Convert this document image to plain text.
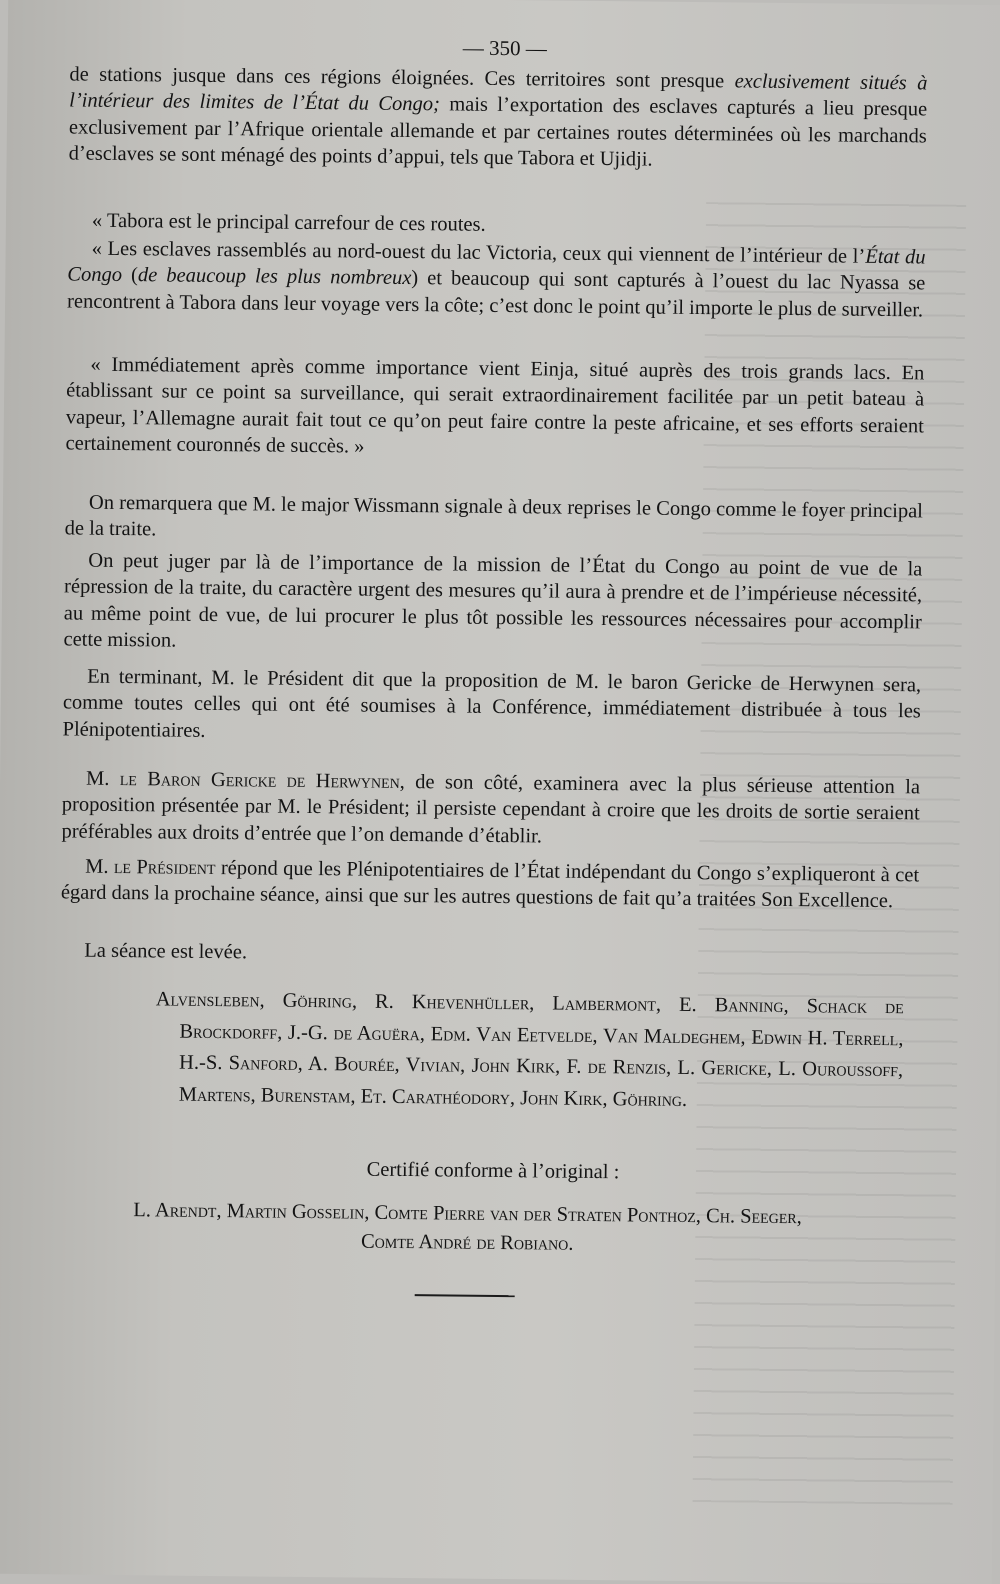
— 350 —

de stations jusque dans ces régions éloignées. Ces territoires sont presque exclusivement situés à l’intérieur des limites de l’État du Congo; mais l’exportation des esclaves capturés a lieu presque exclusivement par l’Afrique orientale allemande et par certaines routes déterminées où les marchands d’esclaves se sont ménagé des points d’appui, tels que Tabora et Ujidji.

« Tabora est le principal carrefour de ces routes.

« Les esclaves rassemblés au nord-ouest du lac Victoria, ceux qui viennent de l’intérieur de l’État du Congo (de beaucoup les plus nombreux) et beaucoup qui sont capturés à l’ouest du lac Nyassa se rencontrent à Tabora dans leur voyage vers la côte; c’est donc le point qu’il importe le plus de surveiller.

« Immédiatement après comme importance vient Einja, situé auprès des trois grands lacs. En établissant sur ce point sa surveillance, qui serait extraordinairement facilitée par un petit bateau à vapeur, l’Allemagne aurait fait tout ce qu’on peut faire contre la peste africaine, et ses efforts seraient certainement couronnés de succès. »

On remarquera que M. le major Wissmann signale à deux reprises le Congo comme le foyer principal de la traite.

On peut juger par là de l’importance de la mission de l’État du Congo au point de vue de la répression de la traite, du caractère urgent des mesures qu’il aura à prendre et de l’impérieuse nécessité, au même point de vue, de lui procurer le plus tôt possible les ressources nécessaires pour accomplir cette mission.

En terminant, M. le Président dit que la proposition de M. le baron Gericke de Herwynen sera, comme toutes celles qui ont été soumises à la Conférence, immédiatement distribuée à tous les Plénipotentiaires.

M. le Baron Gericke de Herwynen, de son côté, examinera avec la plus sérieuse attention la proposition présentée par M. le Président; il persiste cependant à croire que les droits de sortie seraient préférables aux droits d’entrée que l’on demande d’établir.

M. le Président répond que les Plénipotentiaires de l’État indépendant du Congo s’expliqueront à cet égard dans la prochaine séance, ainsi que sur les autres questions de fait qu’a traitées Son Excellence.

La séance est levée.

Alvensleben, Göhring, R. Khevenhüller, Lambermont, E. Banning, Schack de Brockdorff, J.-G. de Aguëra, Edm. Van Eetvelde, Van Maldeghem, Edwin H. Terrell, H.-S. Sanford, A. Bourée, Vivian, John Kirk, F. de Renzis, L. Gericke, L. Ouroussoff, Martens, Burenstam, Et. Carathéodory, John Kirk, Göhring.
Certifié conforme à l’original :
L. Arendt, Martin Gosselin, Comte Pierre van der Straten Ponthoz, Ch. Seeger, Comte André de Robiano.
